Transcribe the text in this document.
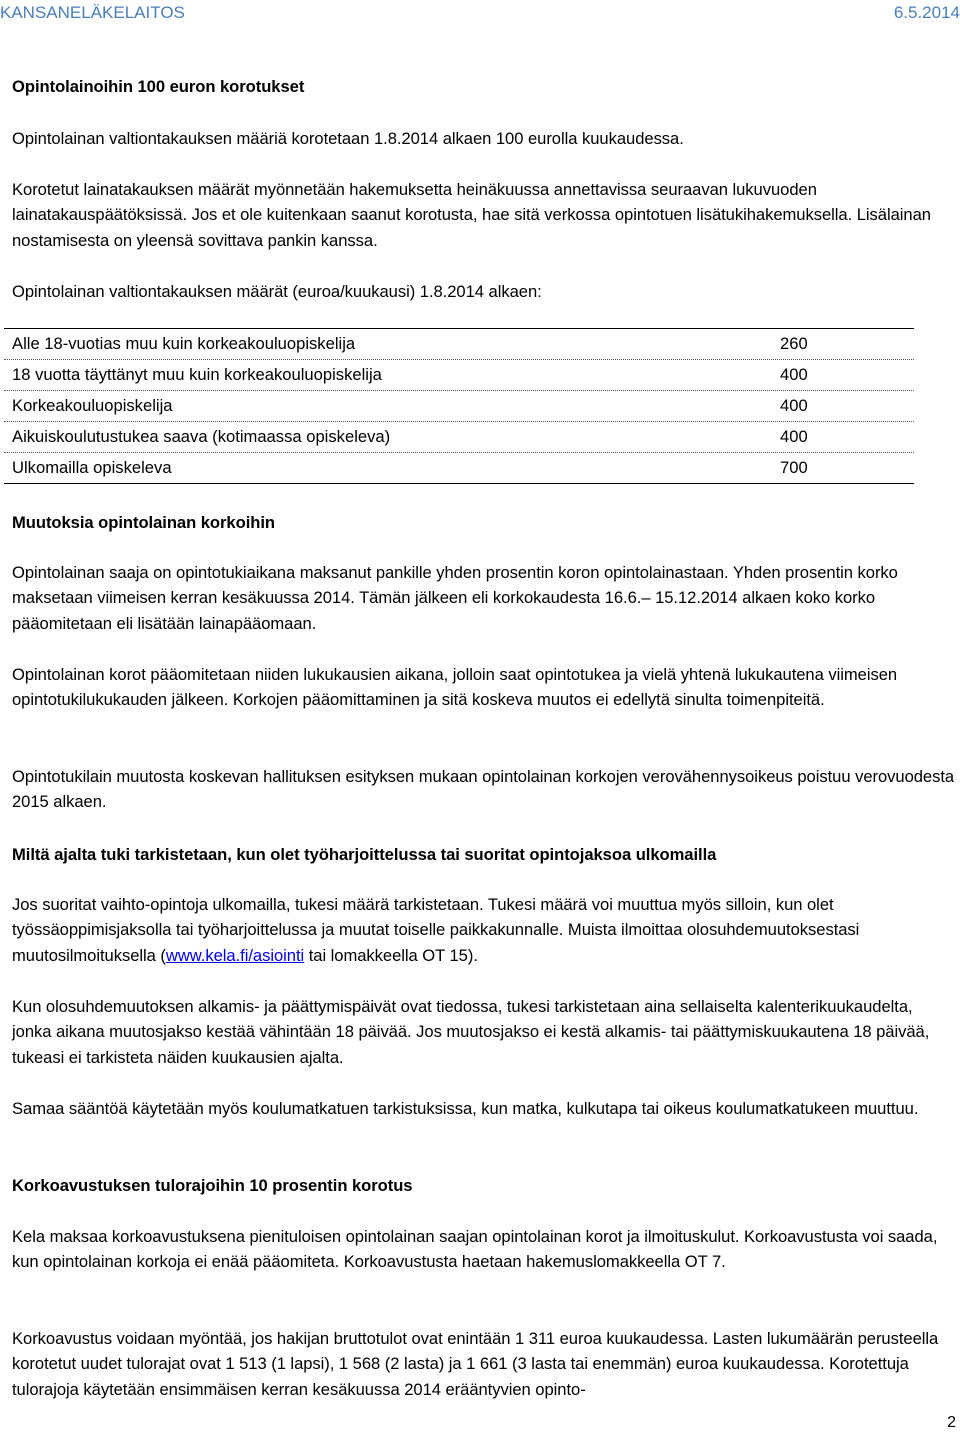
KANSANELÄKELAITOS	6.5.2014
Opintolainoihin 100 euron korotukset
Opintolainan valtiontakauksen määriä korotetaan 1.8.2014 alkaen 100 eurolla kuukaudessa.
Korotetut lainatakauksen määrät myönnetään hakemuksetta heinäkuussa annettavissa seuraavan lukuvuoden lainatakauspäätöksissä. Jos et ole kuitenkaan saanut korotusta, hae sitä verkossa opintotuen lisätukihakemuksella. Lisälainan nostamisesta on yleensä sovittava pankin kanssa.
Opintolainan valtiontakauksen määrät (euroa/kuukausi) 1.8.2014 alkaen:
Alle 18-vuotias muu kuin korkeakouluopiskelija	260
18 vuotta täyttänyt muu kuin korkeakouluopiskelija	400
Korkeakouluopiskelija	400
Aikuiskoulutustukea saava (kotimaassa opiskeleva)	400
Ulkomailla opiskeleva	700
Muutoksia opintolainan korkoihin
Opintolainan saaja on opintotukiaikana maksanut pankille yhden prosentin koron opintolainastaan. Yhden prosentin korko maksetaan viimeisen kerran kesäkuussa 2014. Tämän jälkeen eli korkokaudesta 16.6.– 15.12.2014 alkaen koko korko pääomitetaan eli lisätään lainapääomaan.
Opintolainan korot pääomitetaan niiden lukukausien aikana, jolloin saat opintotukea ja vielä yhtenä lukukautena viimeisen opintotukilukukauden jälkeen. Korkojen pääomittaminen ja sitä koskeva muutos ei edellytä sinulta toimenpiteitä.
Opintotukilain muutosta koskevan hallituksen esityksen mukaan opintolainan korkojen verovähennysoikeus poistuu verovuodesta 2015 alkaen.
Miltä ajalta tuki tarkistetaan, kun olet työharjoittelussa tai suoritat opintojaksoa ulkomailla
Jos suoritat vaihto-opintoja ulkomailla, tukesi määrä tarkistetaan. Tukesi määrä voi muuttua myös silloin, kun olet työssäoppimisjaksolla tai työharjoittelussa ja muutat toiselle paikkakunnalle. Muista ilmoittaa olosuhdemuutoksestasi muutosilmoituksella (www.kela.fi/asiointi tai lomakkeella OT 15).
Kun olosuhdemuutoksen alkamis- ja päättymispäivät ovat tiedossa, tukesi tarkistetaan aina sellaiselta kalenterikuukaudelta, jonka aikana muutosjakso kestää vähintään 18 päivää. Jos muutosjakso ei kestä alkamis- tai päättymiskuukautena 18 päivää, tukeasi ei tarkisteta näiden kuukausien ajalta.
Samaa sääntöä käytetään myös koulumatkatuen tarkistuksissa, kun matka, kulkutapa tai oikeus koulumatkatukeen muuttuu.
Korkoavustuksen tulorajoihin 10 prosentin korotus
Kela maksaa korkoavustuksena pienituloisen opintolainan saajan opintolainan korot ja ilmoituskulut. Korkoavustusta voi saada, kun opintolainan korkoja ei enää pääomiteta. Korkoavustusta haetaan hakemuslomakkeella OT 7.
Korkoavustus voidaan myöntää, jos hakijan bruttotulot ovat enintään 1 311 euroa kuukaudessa. Lasten lukumäärän perusteella korotetut uudet tulorajat ovat 1 513 (1 lapsi), 1 568 (2 lasta) ja 1 661 (3 lasta tai enemmän) euroa kuukaudessa. Korotettuja tulorajoja käytetään ensimmäisen kerran kesäkuussa 2014 erääntyvien opinto-
2
